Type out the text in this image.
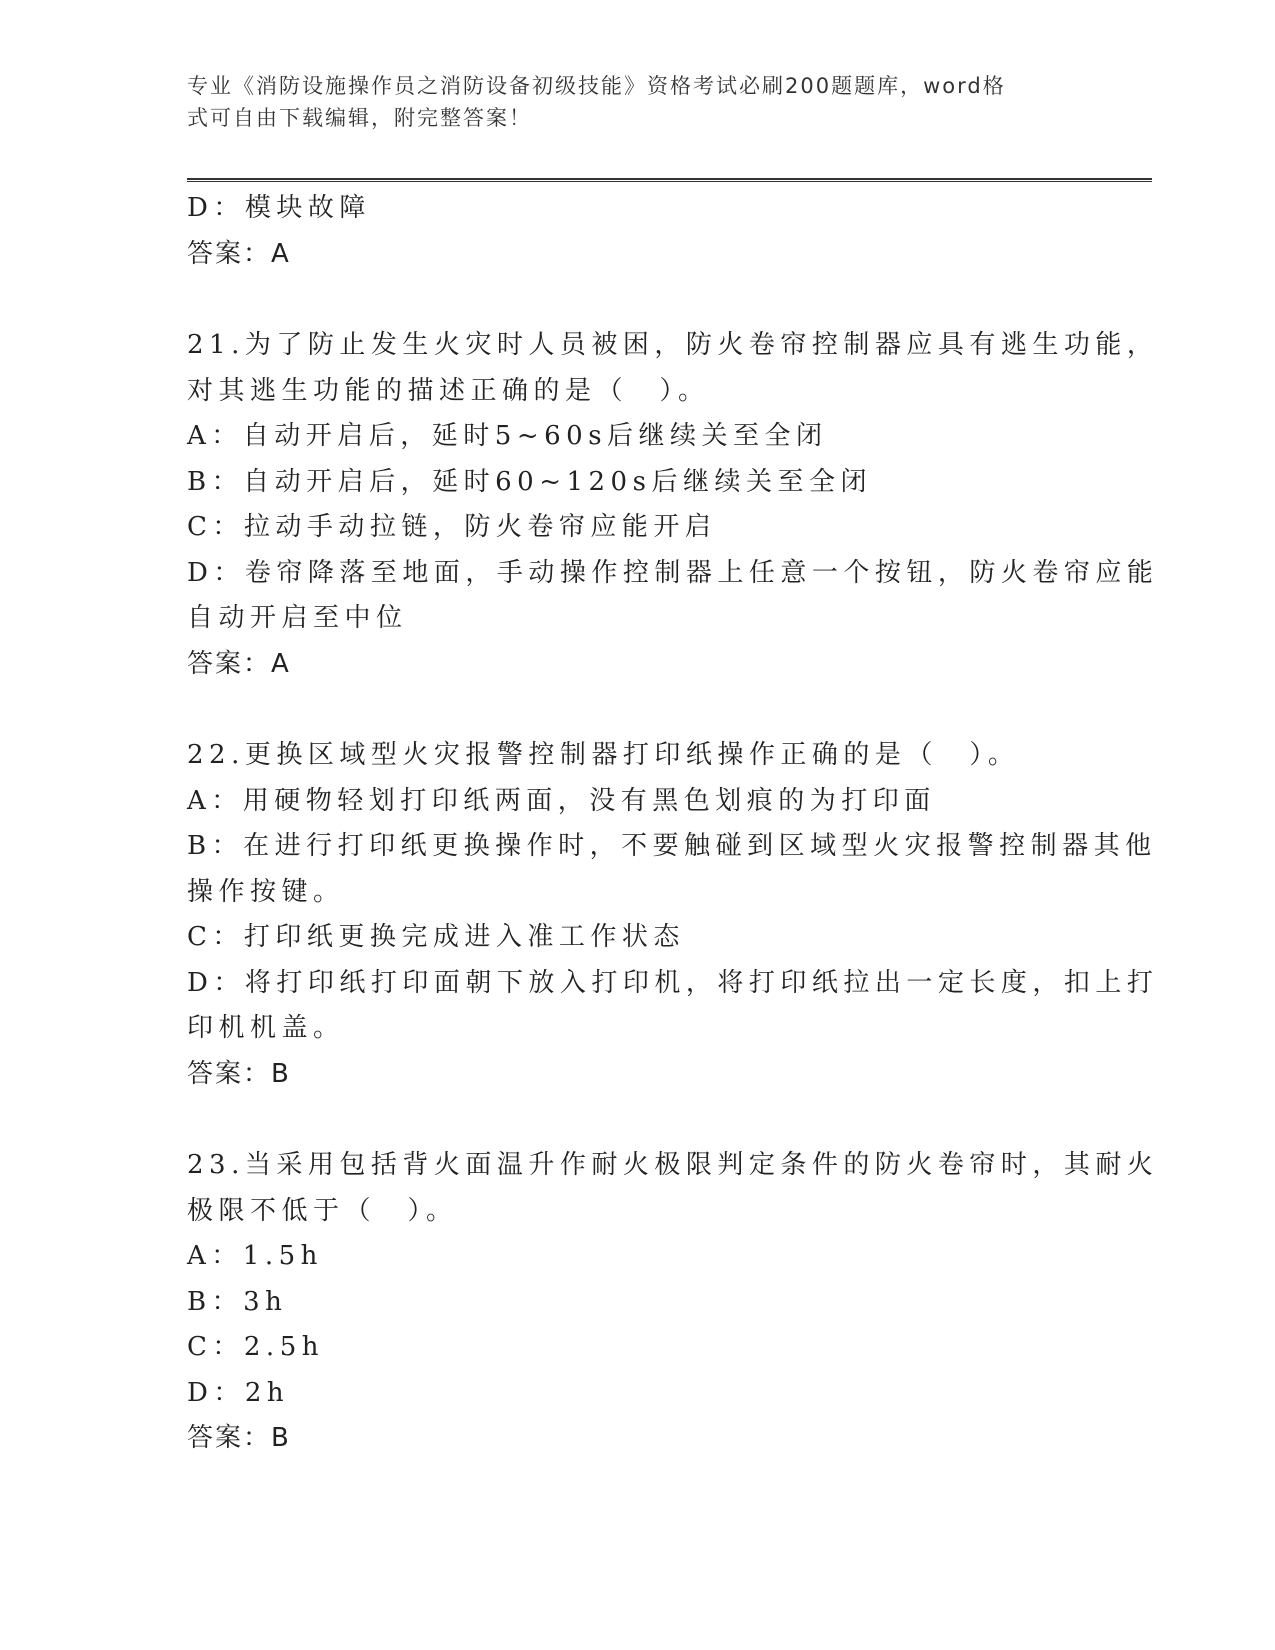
专业《消防设施操作员之消防设备初级技能》资格考试必刷200题题库，word格
式可自由下载编辑，附完整答案！
D：模块故障
答案：A
21.为了防止发生火灾时人员被困，防火卷帘控制器应具有逃生功能，
对其逃生功能的描述正确的是（　）。
A：自动开启后，延时5~60s后继续关至全闭
B：自动开启后，延时60~120s后继续关至全闭
C：拉动手动拉链，防火卷帘应能开启
D：卷帘降落至地面，手动操作控制器上任意一个按钮，防火卷帘应能
自动开启至中位
答案：A
22.更换区域型火灾报警控制器打印纸操作正确的是（　）。
A：用硬物轻划打印纸两面，没有黑色划痕的为打印面
B：在进行打印纸更换操作时，不要触碰到区域型火灾报警控制器其他
操作按键。
C：打印纸更换完成进入准工作状态
D：将打印纸打印面朝下放入打印机，将打印纸拉出一定长度，扣上打
印机机盖。
答案：B
23.当采用包括背火面温升作耐火极限判定条件的防火卷帘时，其耐火
极限不低于（　）。
A：1.5h
B：3h
C：2.5h
D：2h
答案：B
